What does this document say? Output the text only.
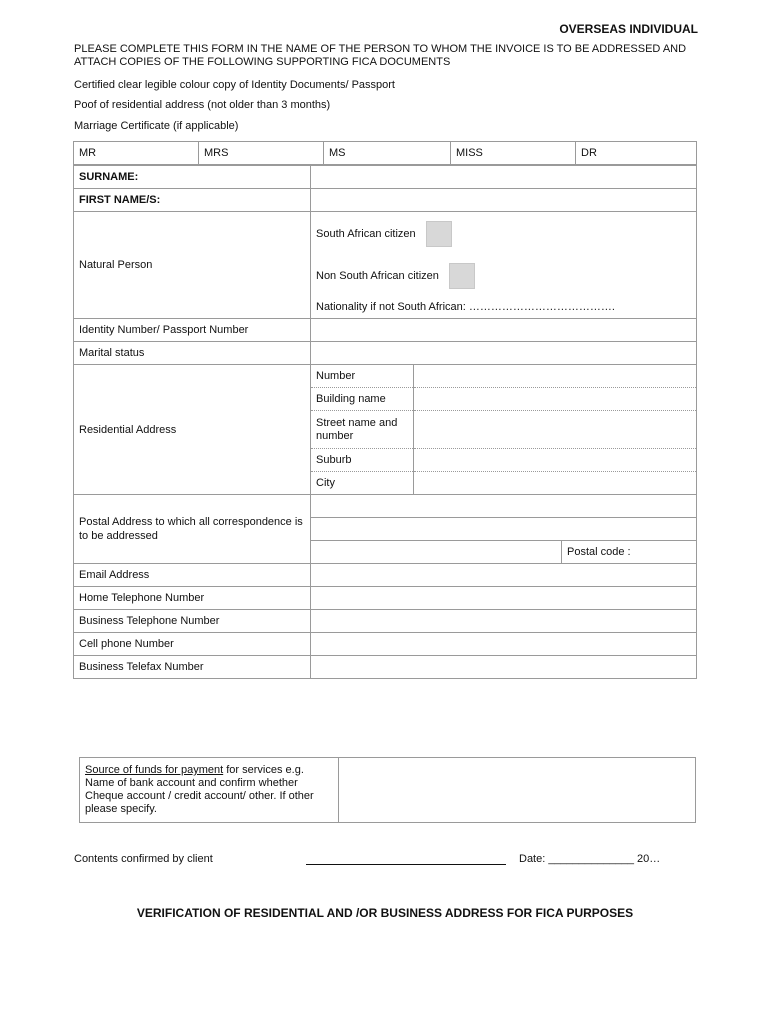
OVERSEAS INDIVIDUAL
PLEASE COMPLETE THIS FORM IN THE NAME OF THE PERSON TO WHOM THE INVOICE IS TO BE ADDRESSED AND ATTACH COPIES OF THE FOLLOWING SUPPORTING FICA DOCUMENTS
Certified clear legible colour copy of Identity Documents/ Passport
Poof of residential address (not older than 3 months)
Marriage Certificate (if applicable)
MR	MRS	MS	MISS	DR
SURNAME:	
FIRST NAME/S:	
Natural Person	
South African citizen
Non South African citizen
Nationality if not South African: ………………………………….

Identity Number/ Passport Number	
Marital status	
Residential Address	
Number	
Building name	
Street name and number	
Suburb	
City	

Postal Address to which all correspondence is to be addressed	

	Postal code :

Email Address	
Home Telephone Number	
Business Telephone Number	
Cell phone Number	
Business Telefax Number	
Source of funds for payment for services e.g. Name of bank account and confirm whether Cheque account / credit account/ other. If other please specify.	
Contents confirmed by client	Date: ______________ 20…
VERIFICATION OF RESIDENTIAL AND /OR BUSINESS ADDRESS FOR FICA PURPOSES
